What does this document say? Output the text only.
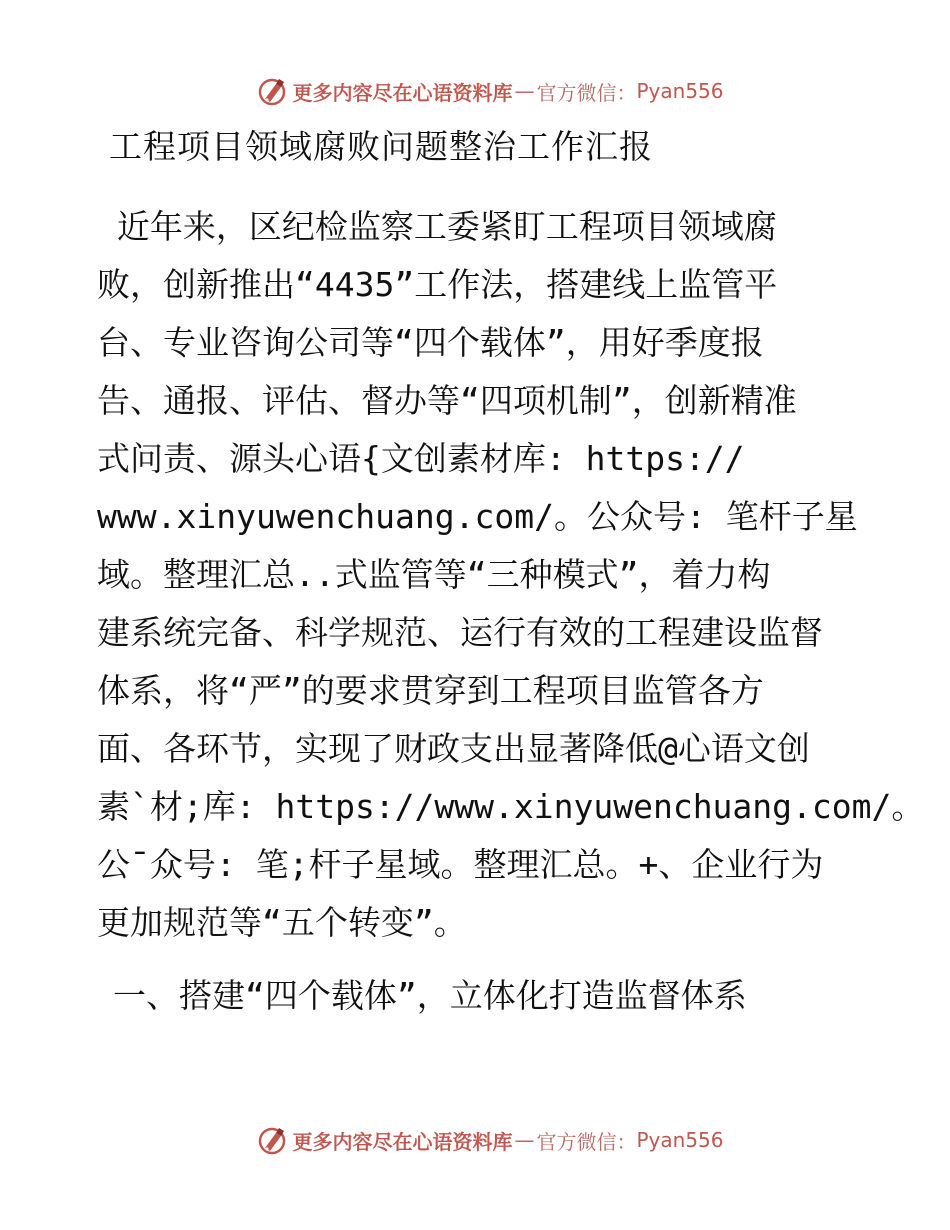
更多内容尽在心语资料库 — 官方微信： Pyan556
工程项目领域腐败问题整治工作汇报
近年来，区纪检监察工委紧盯工程项目领域腐
败，创新推出“4435”工作法，搭建线上监管平
台、专业咨询公司等“四个载体”，用好季度报
告、通报、评估、督办等“四项机制”，创新精准
式问责、源头心语{文创素材库: https://
www.xinyuwenchuang.com/。公众号: 笔杆子星
域。整理汇总..式监管等“三种模式”，着力构
建系统完备、科学规范、运行有效的工程建设监督
体系，将“严”的要求贯穿到工程项目监管各方
面、各环节，实现了财政支出显著降低@心语文创
素`材;库: https://www.xinyuwenchuang.com/。
公¯众号: 笔;杆子星域。整理汇总。+、企业行为
更加规范等“五个转变”。
一、搭建“四个载体”，立体化打造监督体系
更多内容尽在心语资料库 — 官方微信： Pyan556
